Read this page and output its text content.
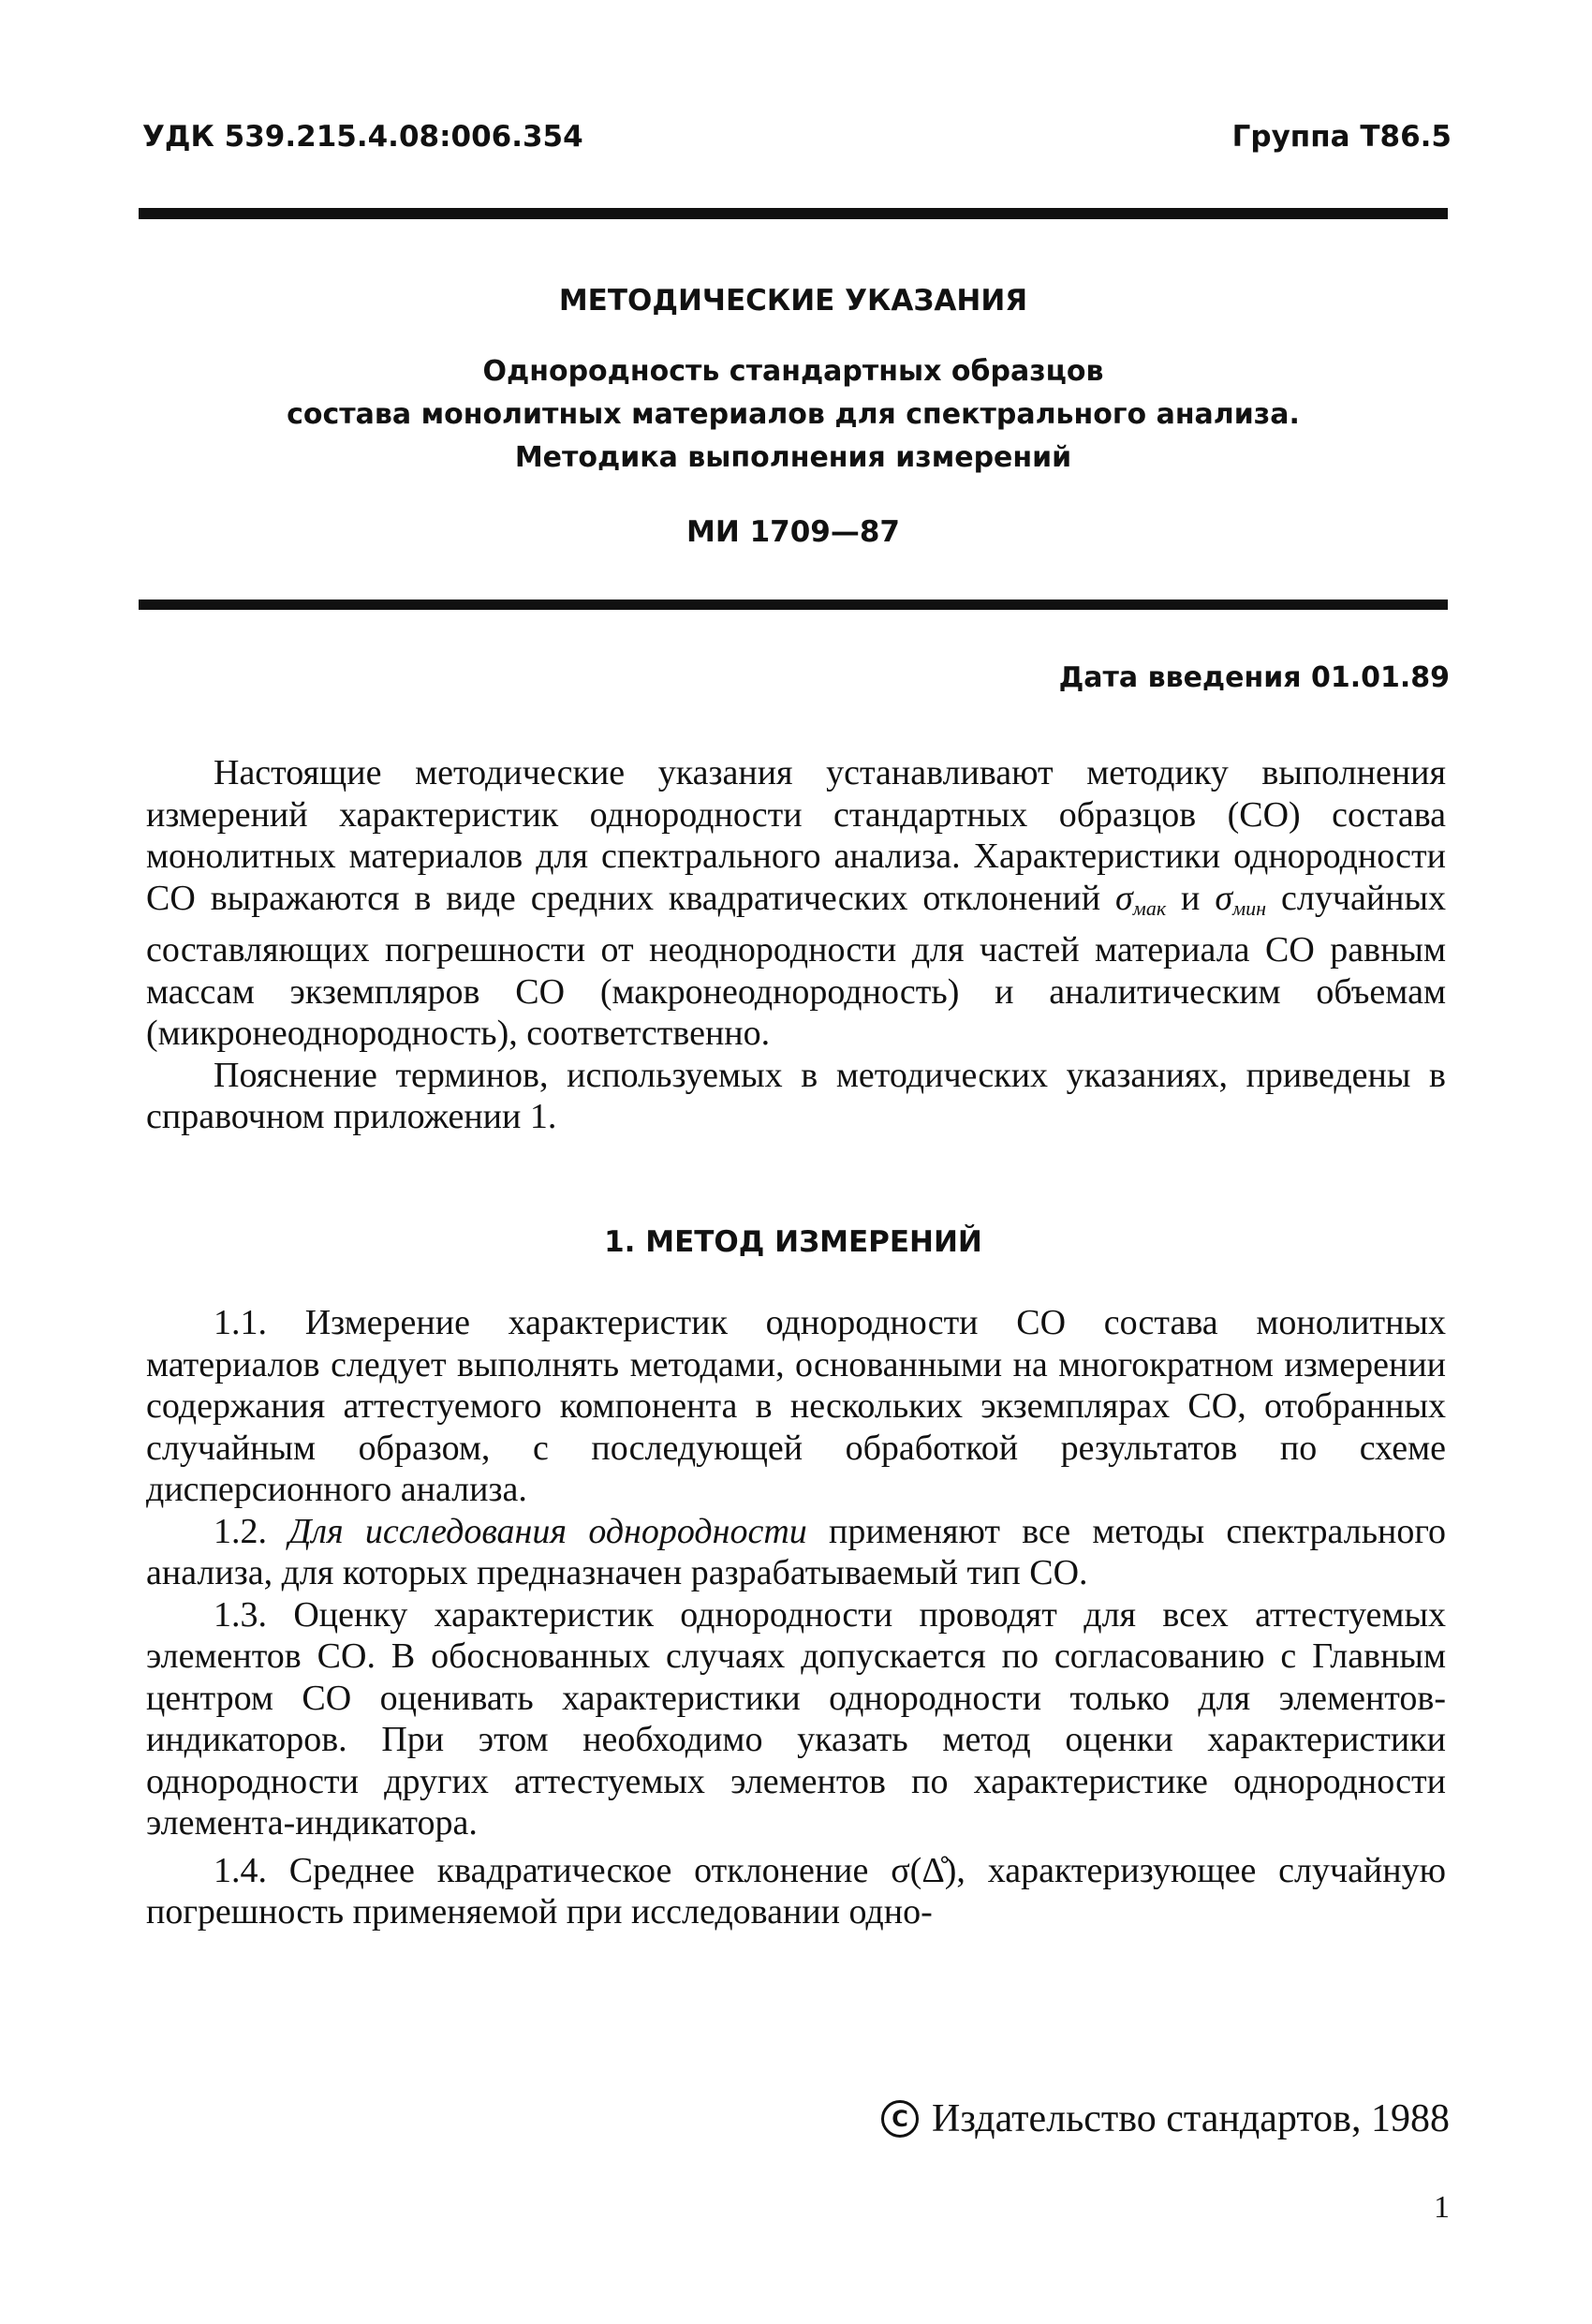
УДК 539.215.4.08:006.354	Группа Т86.5
МЕТОДИЧЕСКИЕ УКАЗАНИЯ
Однородность стандартных образцов
состава монолитных материалов для спектрального анализа.
Методика выполнения измерений
МИ 1709—87
Дата введения 01.01.89

Настоящие методические указания устанавливают методику выполнения измерений характеристик однородности стандартных образцов (СО) состава монолитных материалов для спектрального анализа. Характеристики однородности СО выражаются в виде средних квадратических отклонений $\sigma_{мак}$ и $\sigma_{мин}$ случайных составляющих погрешности от неоднородности для частей материала СО равным массам экземпляров СО (макронеоднородность) и аналитическим объемам (микронеоднородность), соответственно.

Пояснение терминов, используемых в методических указаниях, приведены в справочном приложении 1.

1. МЕТОД ИЗМЕРЕНИЙ

1.1. Измерение характеристик однородности СО состава монолитных материалов следует выполнять методами, основанными на многократном измерении содержания аттестуемого компонента в нескольких экземплярах СО, отобранных случайным образом, с последующей обработкой результатов по схеме дисперсионного анализа.

1.2. Для исследования однородности применяют все методы спектрального анализа, для которых предназначен разрабатываемый тип СО.

1.3. Оценку характеристик однородности проводят для всех аттестуемых элементов СО. В обоснованных случаях допускается по согласованию с Главным центром СО оценивать характеристики однородности только для элементов-индикаторов. При этом необходимо указать метод оценки характеристики однородности других аттестуемых элементов по характеристике однородности элемента-индикатора.

1.4. Среднее квадратическое отклонение σ(Δ̊), характеризующее случайную погрешность применяемой при исследовании одно-

С Издательство стандартов, 1988
1
